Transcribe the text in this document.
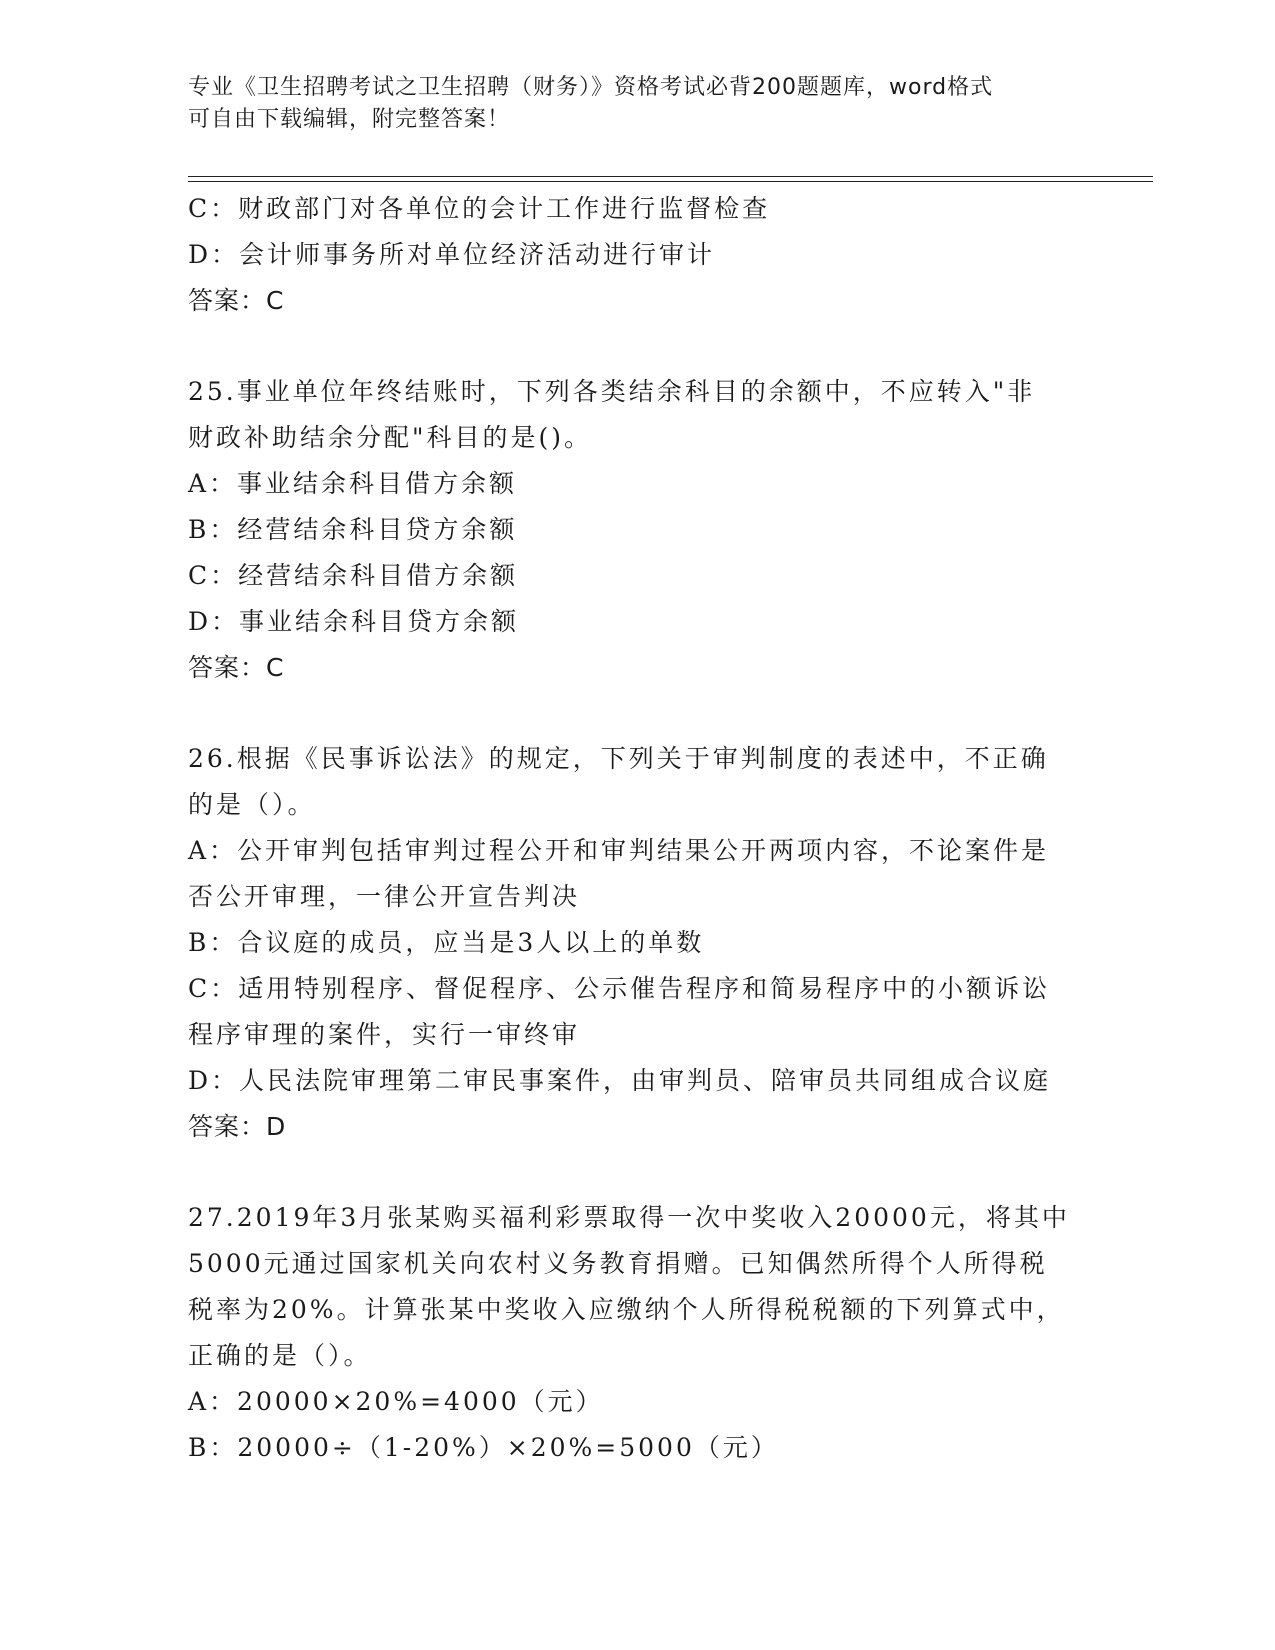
专业《卫生招聘考试之卫生招聘（财务）》资格考试必背200题题库，word格式
可自由下载编辑，附完整答案！

C：财政部门对各单位的会计工作进行监督检查

D：会计师事务所对单位经济活动进行审计

答案：C

25.事业单位年终结账时，下列各类结余科目的余额中，不应转入"非

财政补助结余分配"科目的是()。

A：事业结余科目借方余额

B：经营结余科目贷方余额

C：经营结余科目借方余额

D：事业结余科目贷方余额

答案：C

26.根据《民事诉讼法》的规定，下列关于审判制度的表述中，不正确

的是（）。

A：公开审判包括审判过程公开和审判结果公开两项内容，不论案件是

否公开审理，一律公开宣告判决

B：合议庭的成员，应当是3人以上的单数

C：适用特别程序、督促程序、公示催告程序和简易程序中的小额诉讼

程序审理的案件，实行一审终审

D：人民法院审理第二审民事案件，由审判员、陪审员共同组成合议庭

答案：D

27.2019年3月张某购买福利彩票取得一次中奖收入20000元，将其中

5000元通过国家机关向农村义务教育捐赠。已知偶然所得个人所得税

税率为20%。计算张某中奖收入应缴纳个人所得税税额的下列算式中，

正确的是（）。

A：20000×20%=4000（元）

B：20000÷（1-20%）×20%=5000（元）
